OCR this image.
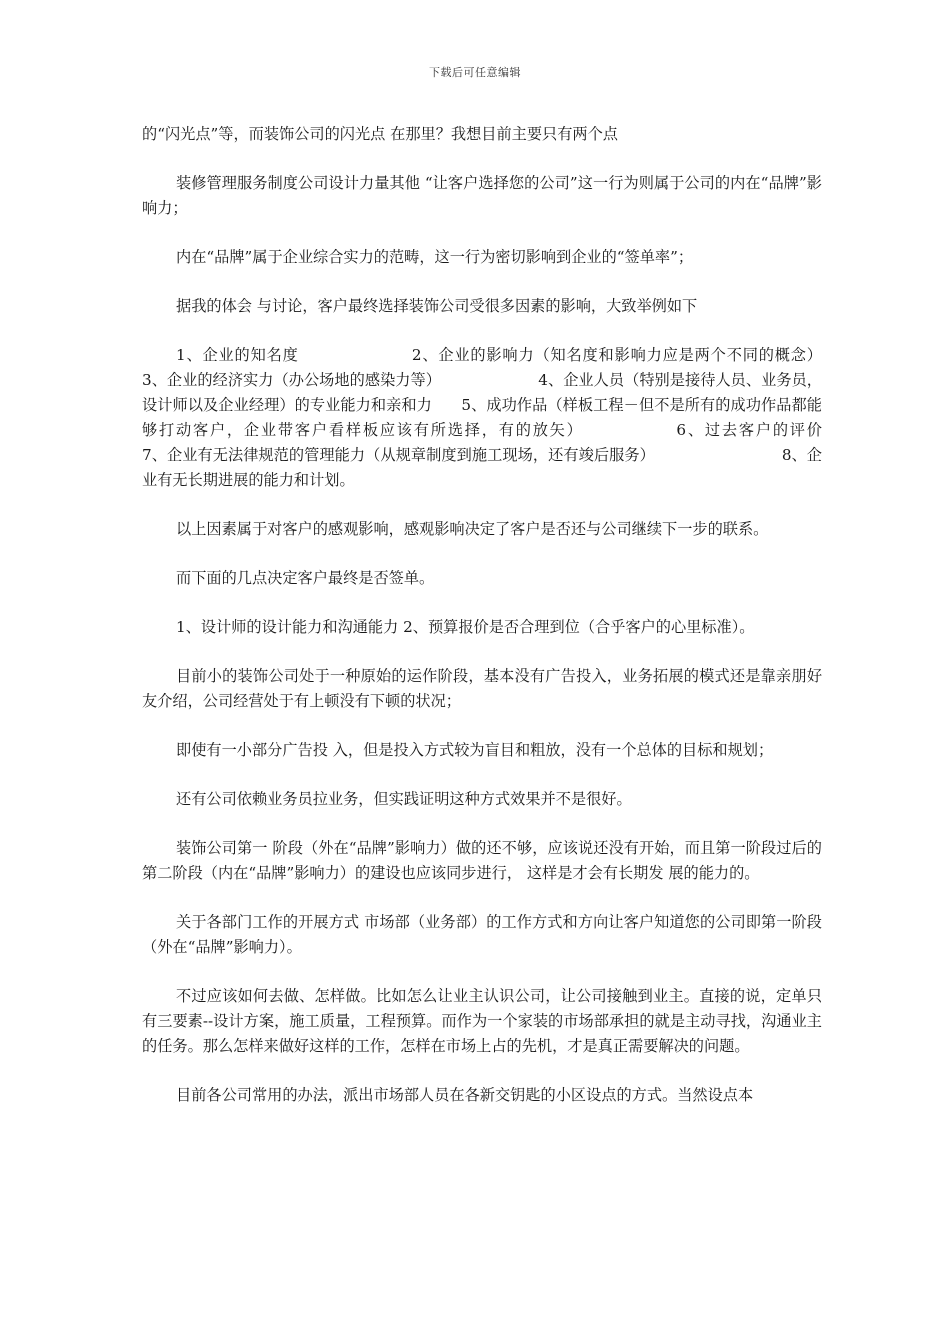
下载后可任意编辑

的“闪光点”等，而装饰公司的闪光点 在那里？我想目前主要只有两个点

装修管理服务制度公司设计力量其他 “让客户选择您的公司”这一行为则属于公司的内在“品牌”影响力；

内在“品牌”属于企业综合实力的范畴，这一行为密切影响到企业的“签单率”；

据我的体会 与讨论，客户最终选择装饰公司受很多因素的影响，大致举例如下

1、企业的知名度                    2、企业的影响力（知名度和影响力应是两个不同的概念）                 3、企业的经济实力（办公场地的感染力等）                    4、企业人员（特别是接待人员、业务员，设计师以及企业经理）的专业能力和亲和力      5、成功作品（样板工程－但不是所有的成功作品都能够打动客户，企业带客户看样板应该有所选择，有的放矢）              6、过去客户的评价                  7、企业有无法律规范的管理能力（从规章制度到施工现场，还有竣后服务）                          8、企业有无长期进展的能力和计划。

以上因素属于对客户的感观影响，感观影响决定了客户是否还与公司继续下一步的联系。

而下面的几点决定客户最终是否签单。

1、设计师的设计能力和沟通能力 2、预算报价是否合理到位（合乎客户的心里标准）。

目前小的装饰公司处于一种原始的运作阶段，基本没有广告投入，业务拓展的模式还是靠亲朋好友介绍，公司经营处于有上顿没有下顿的状况；

即使有一小部分广告投 入，但是投入方式较为盲目和粗放，没有一个总体的目标和规划；

还有公司依赖业务员拉业务，但实践证明这种方式效果并不是很好。

装饰公司第一 阶段（外在“品牌”影响力）做的还不够，应该说还没有开始，而且第一阶段过后的第二阶段（内在“品牌”影响力）的建设也应该同步进行， 这样是才会有长期发 展的能力的。

关于各部门工作的开展方式 市场部（业务部）的工作方式和方向让客户知道您的公司即第一阶段（外在“品牌”影响力）。

不过应该如何去做、怎样做。比如怎么让业主认识公司，让公司接触到业主。直接的说，定单只有三要素--设计方案，施工质量，工程预算。而作为一个家装的市场部承担的就是主动寻找，沟通业主的任务。那么怎样来做好这样的工作，怎样在市场上占的先机，才是真正需要解决的问题。

目前各公司常用的办法，派出市场部人员在各新交钥匙的小区设点的方式。当然设点本
